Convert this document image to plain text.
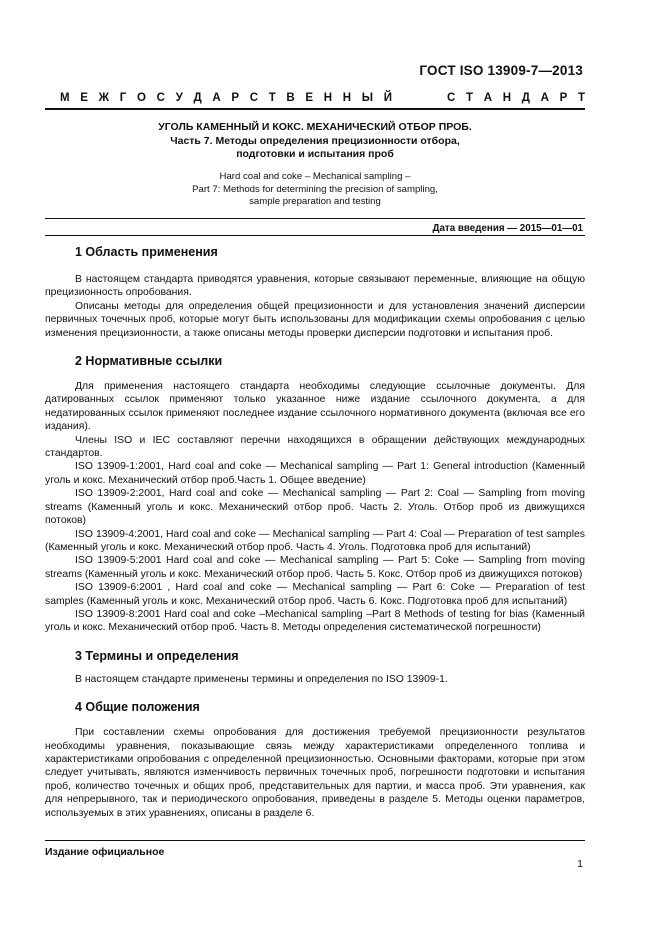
ГОСТ ISO 13909-7—2013
М Е Ж Г О С У Д А Р С Т В Е Н Н Ы Й	С Т А Н Д А Р Т
УГОЛЬ КАМЕННЫЙ И КОКС. МЕХАНИЧЕСКИЙ ОТБОР ПРОБ.
Часть 7. Методы определения прецизионности отбора,
подготовки и испытания проб
Hard coal and coke – Mechanical sampling –
Part 7: Methods for determining the precision of sampling,
sample preparation and testing
Дата введения — 2015—01—01
1 Область применения

В настоящем стандарта приводятся уравнения, которые связывают переменные, влияющие на общую прецизионность опробования.

Описаны методы для определения общей прецизионности и для установления значений дисперсии первичных точечных проб, которые могут быть использованы для модификации схемы опробования с целью изменения прецизионности, а также описаны методы проверки дисперсии подготовки и испытания проб.

2 Нормативные ссылки

Для применения настоящего стандарта необходимы следующие ссылочные документы. Для датированных ссылок применяют только указанное ниже издание ссылочного документа, а для недатированных ссылок применяют последнее издание ссылочного нормативного документа (включая все его издания).

Члены ISO и IEC составляют перечни находящихся в обращении действующих международных стандартов.

ISO 13909-1:2001, Hard coal and coke — Mechanical sampling — Part 1: General introduction (Каменный уголь и кокс. Механический отбор проб.Часть 1. Общее введение)

ISO 13909-2:2001, Hard coal and coke — Mechanical sampling — Part 2: Coal — Sampling from moving streams (Каменный уголь и кокс. Механический отбор проб. Часть 2. Уголь. Отбор проб из движущихся потоков)

ISO 13909-4:2001, Hard coal and coke — Mechanical sampling — Part 4: Coal — Preparation of test samples (Каменный уголь и кокс. Механический отбор проб. Часть 4. Уголь. Подготовка проб для испытаний)

ISO 13909-5:2001 Hard coal and coke — Mechanical sampling — Part 5: Coke — Sampling from moving streams (Каменный уголь и кокс. Механический отбор проб. Часть 5. Кокс. Отбор проб из движущихся потоков)

ISO 13909-6:2001 , Hard coal and coke — Mechanical sampling — Part 6: Coke — Preparation of test samples (Каменный уголь и кокс. Механический отбор проб. Часть 6. Кокс. Подготовка проб для испытаний)

ISO 13909-8:2001 Hard coal and coke –Mechanical sampling –Part 8 Methods of testing for bias (Каменный уголь и кокс. Механический отбор проб. Часть 8. Методы определения систематической погрешности)

3 Термины и определения

В настоящем стандарте применены термины и определения по ISO 13909-1.

4 Общие положения

При составлении схемы опробования для достижения требуемой прецизионности результатов необходимы уравнения, показывающие связь между характеристиками определенного топлива и характеристиками опробования с определенной прецизионностью. Основными факторами, которые при этом следует учитывать, являются изменчивость первичных точечных проб, погрешности подготовки и испытания проб, количество точечных и общих проб, представительных для партии, и масса проб. Эти уравнения, как для непрерывного, так и периодического опробования, приведены в разделе 5. Методы оценки параметров, используемых в этих уравнениях, описаны в разделе 6.

Издание официальное
1
